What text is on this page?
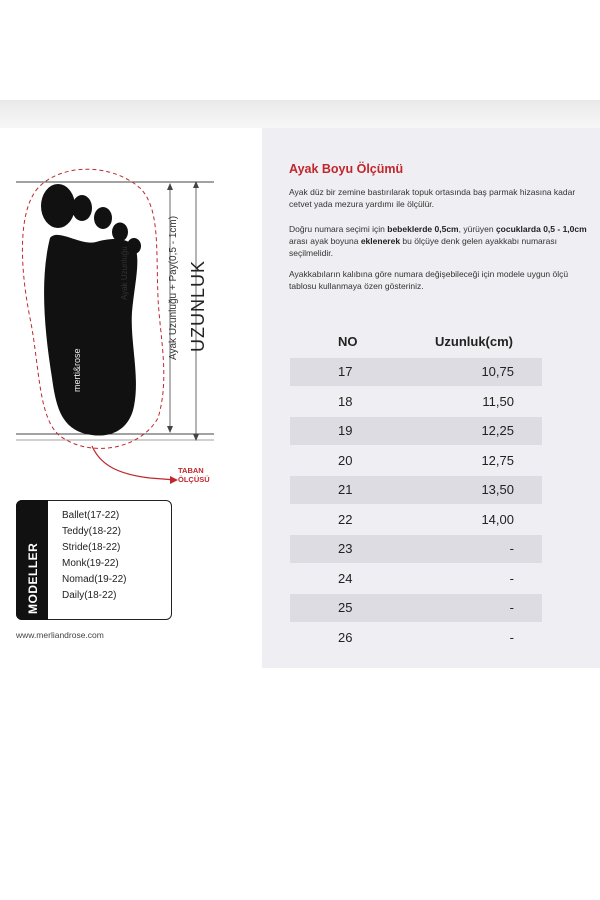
Ayak Uzunluğu	Ayak Uzunluğu + Pay(0,5 - 1cm) UZUNLUK
merti&rose
TABAN
ÖLÇÜSÜ
MODELLER
Ballet(17-22)
Teddy(18-22)
Stride(18-22)
Monk(19-22)
Nomad(19-22)
Daily(18-22)
www.merliandrose.com
Ayak Boyu Ölçümü
Ayak düz bir zemine bastırılarak topuk ortasında baş parmak hizasına kadar cetvet yada mezura yardımı ile ölçülür.
Doğru numara seçimi için bebeklerde 0,5cm, yürüyen çocuklarda 0,5 - 1,0cm arası ayak boyuna eklenerek bu ölçüye denk gelen ayakkabı numarası seçilmelidir.
Ayakkabıların kalıbına göre numara değişebileceği için modele uygun ölçü tablosu kullanmaya özen gösteriniz.
NO	Uzunluk(cm)
17	10,75
18	11,50
19	12,25
20	12,75
21	13,50
22	14,00
23	-
24	-
25	-
26	-
